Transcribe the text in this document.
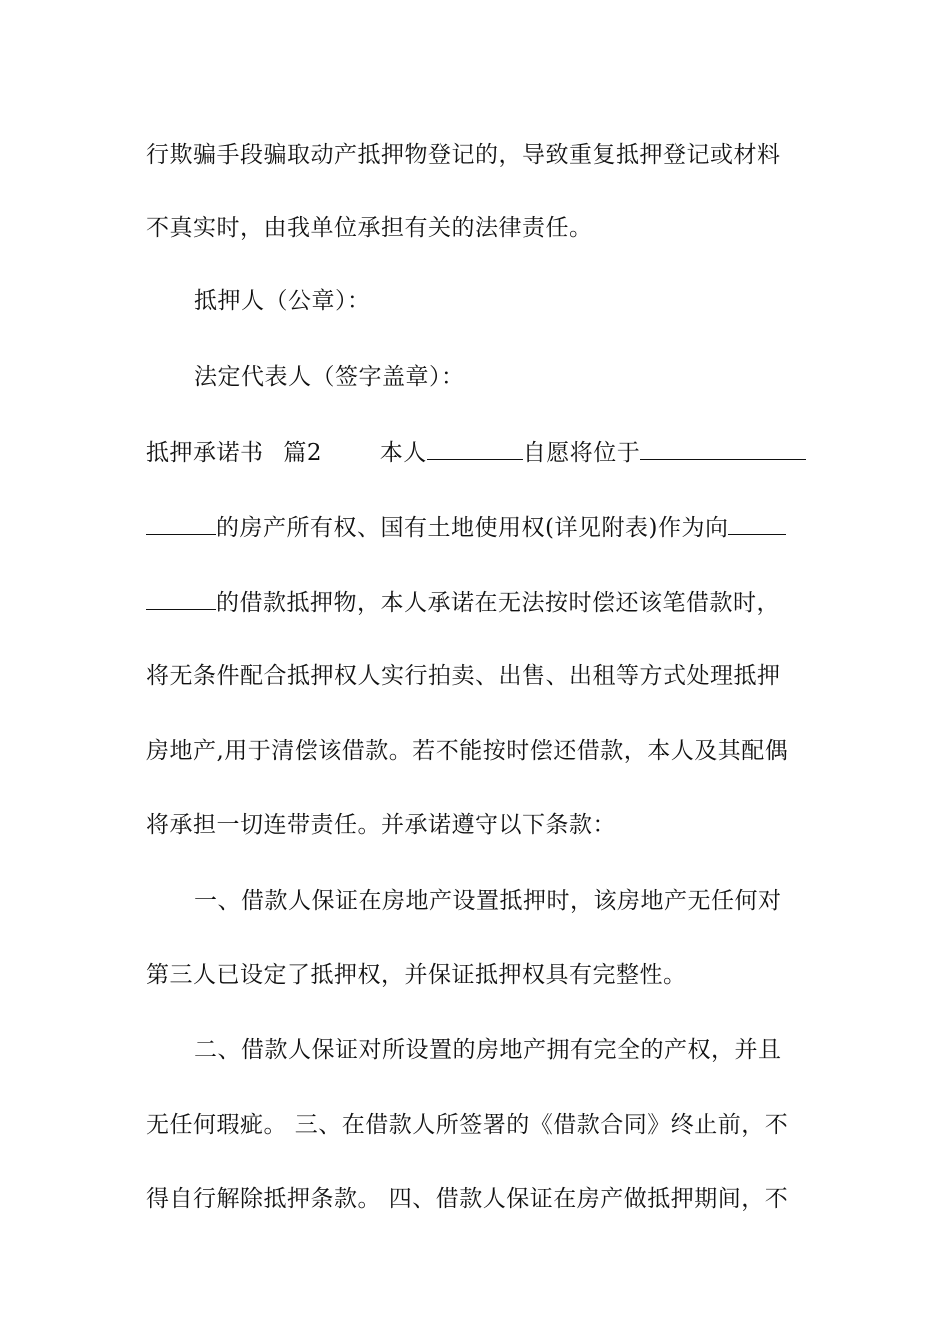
行欺骗手段骗取动产抵押物登记的，导致重复抵押登记或材料
不真实时，由我单位承担有关的法律责任。
抵押人（公章）：
法定代表人（签字盖章）：
抵押承诺书 篇2	本人	自愿将位于
的房产所有权、国有土地使用权(详见附表)作为向
的借款抵押物，本人承诺在无法按时偿还该笔借款时，
将无条件配合抵押权人实行拍卖、出售、出租等方式处理抵押
房地产,用于清偿该借款。若不能按时偿还借款，本人及其配偶
将承担一切连带责任。并承诺遵守以下条款：
一、借款人保证在房地产设置抵押时，该房地产无任何对
第三人已设定了抵押权，并保证抵押权具有完整性。
二、借款人保证对所设置的房地产拥有完全的产权，并且
无任何瑕疵。 三、在借款人所签署的《借款合同》终止前，不
得自行解除抵押条款。 四、借款人保证在房产做抵押期间，不
